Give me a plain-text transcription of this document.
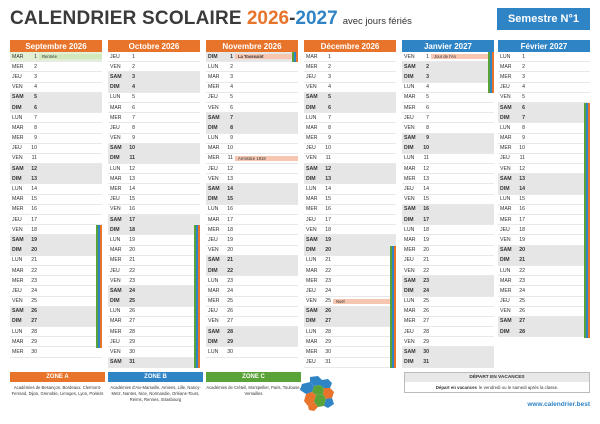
CALENDRIER SCOLAIRE 2026 - 2027 avec jours fériés	Semestre N°1
Septembre 2026
MAR	1	Rentrée
MER	2
JEU	3
VEN	4
SAM	5
DIM	6
LUN	7
MAR	8
MER	9
JEU	10
VEN	11
SAM	12
DIM	13
LUN	14
MAR	15
MER	16
JEU	17
VEN	18
SAM	19
DIM	20
LUN	21
MAR	22
MER	23
JEU	24
VEN	25
SAM	26
DIM	27
LUN	28
MAR	29
MER	30
Octobre 2026
JEU	1
VEN	2
SAM	3
DIM	4
LUN	5
MAR	6
MER	7
JEU	8
VEN	9
SAM	10
DIM	11
LUN	12
MAR	13
MER	14
JEU	15
VEN	16
SAM	17
DIM	18
LUN	19
MAR	20
MER	21
JEU	22
VEN	23
SAM	24
DIM	25
LUN	26
MAR	27
MER	28
JEU	29
VEN	30
SAM	31
Novembre 2026
DIM	1	La Toussaint
LUN	2
MAR	3
MER	4
JEU	5
VEN	6
SAM	7
DIM	8
LUN	9
MAR	10
MER	11	Armistice 1918
JEU	12
VEN	13
SAM	14
DIM	15
LUN	16
MAR	17
MER	18
JEU	19
VEN	20
SAM	21
DIM	22
LUN	23
MAR	24
MER	25
JEU	26
VEN	27
SAM	28
DIM	29
LUN	30
Décembre 2026
MAR	1
MER	2
JEU	3
VEN	4
SAM	5
DIM	6
LUN	7
MAR	8
MER	9
JEU	10
VEN	11
SAM	12
DIM	13
LUN	14
MAR	15
MER	16
JEU	17
VEN	18
SAM	19
DIM	20
LUN	21
MAR	22
MER	23
JEU	24
VEN	25	Noël
SAM	26
DIM	27
LUN	28
MAR	29
MER	30
JEU	31
Janvier 2027
VEN	1	Jour de l'An
SAM	2
DIM	3
LUN	4
MAR	5
MER	6
JEU	7
VEN	8
SAM	9
DIM	10
LUN	11
MAR	12
MER	13
JEU	14
VEN	15
SAM	16
DIM	17
LUN	18
MAR	19
MER	20
JEU	21
VEN	22
SAM	23
DIM	24
LUN	25
MAR	26
MER	27
JEU	28
VEN	29
SAM	30
DIM	31
Février 2027
LUN	1
MAR	2
MER	3
JEU	4
VEN	5
SAM	6
DIM	7
LUN	8
MAR	9
MER	10
JEU	11
VEN	12
SAM	13
DIM	14
LUN	15
MAR	16
MER	17
JEU	18
VEN	19
SAM	20
DIM	21
LUN	22
MAR	23
MER	24
JEU	25
VEN	26
SAM	27
DIM	28
ZONE A
Académies de Besançon, Bordeaux, Clermont-Ferrand, Dijon, Grenoble, Limoges, Lyon, Poitiers
ZONE B
Académies d'Aix-Marseille, Amiens, Lille, Nancy-Metz, Nantes, Nice, Normandie, Orléans-Tours, Reims, Rennes, Strasbourg
ZONE C
Académies de Créteil, Montpellier, Paris, Toulouse, Versailles
DÉPART EN VACANCES
Départ en vacances le vendredi ou le samedi après la classe.
www.calendrier.best
